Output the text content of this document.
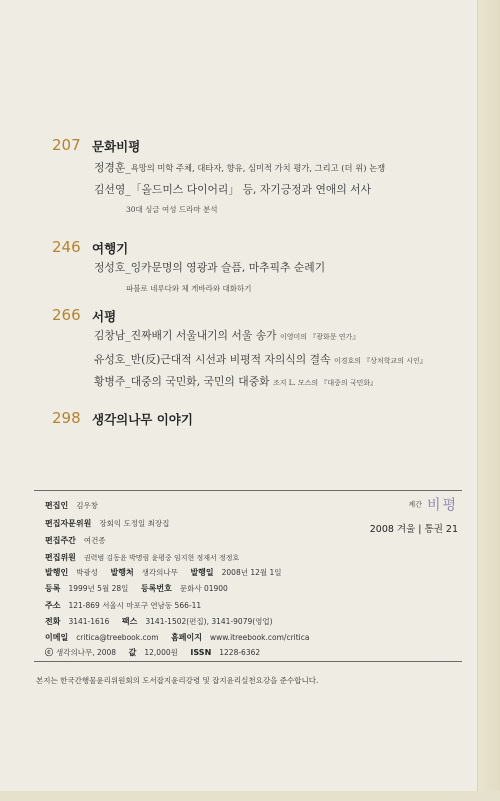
207 문화비평
정경훈_욕망의 미학 주체, 대타자, 향유, 심미적 가치 평가, 그리고 (더 위) 논쟁
김선영_「올드미스 다이어리」 등, 자기긍정과 연애의 서사
30대 싱글 여성 드라마 분석
246 여행기
정성호_잉카문명의 영광과 슬픔, 마추픽추 순례기
파블로 네루다와 체 게바라와 대화하기
266 서평
김창남_진짜배기 서울내기의 서울 송가 이영미의 『광화문 연가』
유성호_반(反)근대적 시선과 비평적 자의식의 결속 이경호의 『상처학교의 시인』
황병주_대중의 국민화, 국민의 대중화 조지 L. 모스의 『대중의 국민화』
298 생각의나무 이야기
계간 비평
2008 겨울 | 통권 21
편집인 김우창
편집자문위원 장회익 도정일 최장집
편집주간 여건종
편집위원 권력범 김동윤 박명림 윤평중 임지현 정재서 정정호
발행인 박광성 발행처 생각의나무 발행일 2008년 12월 1일
등록 1999년 5월 28일 등록번호 문화사 01900
주소 121-869 서울시 마포구 연남동 566-11
전화 3141-1616 팩스 3141-1502(편집), 3141-9079(영업)
이메일 critica@treebook.com 홈페이지 www.itreebook.com/critica
ⓒ 생각의나무, 2008 값 12,000원 ISSN 1228-6362
본지는 한국간행물윤리위원회의 도서잡지윤리강령 및 잡지윤리실천요강을 준수합니다.
